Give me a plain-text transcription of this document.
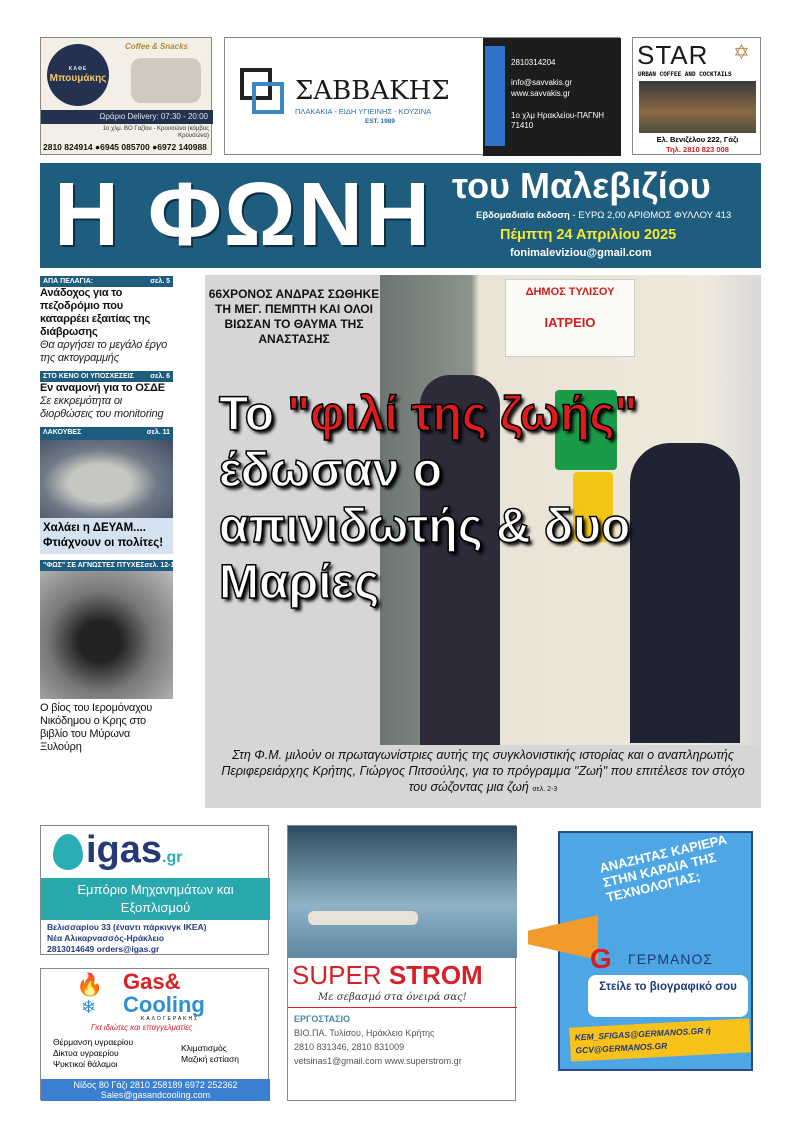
ΚΑΦΕ
Μπουμάκης
Coffee & Snacks
Ωράριο Delivery: 07:30 - 20:00
1ο χλμ. ΒΟ Γαζίου - Κρουσώνα (κόμβος Κρουσώνα)
2810 824914 ●6945 085700 ●6972 140988
ΣΑΒΒΑΚΗΣ
ΠΛΑΚΑΚΙΑ - ΕΙΔΗ ΥΓΙΕΙΝΗΣ - ΚΟΥΖΙΝΑ
EST. 1989
2810314204
info@savvakis.gr
www.savvakis.gr
1ο χλμ Ηρακλείου-ΠΑΓΝΗ 71410
STAR ✡
URBAN COFFEE AND COCKTAILS
Ελ. Βενιζέλου 222, Γάζι
Τηλ. 2810 823 008
Η ΦΩΝΗ του Μαλεβιζίου
Εβδομαδιαία έκδοση - ΕΥΡΩ 2,00 ΑΡΙΘΜΟΣ ΦΥΛΛΟΥ 413
Πέμπτη 24 Απριλίου 2025
fonimaleviziou@gmail.com
ΑΠΑ ΠΕΛΑΓΙΑ:	σελ. 5
Ανάδοχος για το πεζοδρόμιο που καταρρέει εξαιτίας της διάβρωσης
Θα αργήσει το μεγάλο έργο της ακτογραμμής
ΣΤΟ ΚΕΝΟ ΟΙ ΥΠΟΣΧΕΣΕΙΣ σελ. 6
Εν αναμονή για το ΟΣΔΕ
Σε εκκρεμότητα οι διορθώσεις του monitoring
ΛΑΚΟΥΒΕΣ	σελ. 11
Χαλάει η ΔΕΥΑΜ.... Φτιάχνουν οι πολίτες!
"ΦΩΣ" ΣΕ ΑΓΝΩΣΤΕΣ ΠΤΥΧΕΣ σελ. 12-13
Ο βίος του Ιερομόναχου Νικόδημου ο Κρης στο βιβλίο του Μύρωνα Ξυλούρη
ΔΗΜΟΣ ΤΥΛΙΣΟΥ
ΙΑΤΡΕΙΟ
66ΧΡΟΝΟΣ ΑΝΔΡΑΣ ΣΩΘΗΚΕ ΤΗ ΜΕΓ. ΠΕΜΠΤΗ ΚΑΙ ΟΛΟΙ ΒΙΩΣΑΝ ΤΟ ΘΑΥΜΑ ΤΗΣ ΑΝΑΣΤΑΣΗΣ
Το "φιλί της ζωής"
έδωσαν ο απινιδωτής & δυο Μαρίες
Στη Φ.Μ. μιλούν οι πρωταγωνίστριες αυτής της συγκλονιστικής ιστορίας και ο αναπληρωτής Περιφερειάρχης Κρήτης, Γιώργος Πιτσούλης, για το πρόγραμμα "Ζωή" που επιτέλεσε τον στόχο του σώζοντας μια ζωή σελ. 2-3
igas.gr
Εμπόριο Μηχανημάτων και Εξοπλισμού
Βελισσαρίου 33 (έναντι πάρκινγκ ΙΚΕΑ)
Νέα Αλικαρνασσός-Ηράκλειο
2813014649 orders@igas.gr
🔥
❄
Gas&
Cooling
ΚΑΛΟΓΕΡΑΚΗΣ
Για ιδιώτες και επαγγελματίες
Θέρμανση υγραερίου
Δίκτυα υγραερίου
Ψυκτικοί θάλαμοι
Κλιματισμός
Μαζική εστίαση
Νίδος 80 Γάζι 2810 258189 6972 252362
Sales@gasandcooling.com
SUPER STROM
Με σεβασμό στα όνειρά σας!
ΕΡΓΟΣΤΑΣΙΟ
ΒΙΟ.ΠΑ. Τυλίσου, Ηράκλειο Κρήτης
2810 831346, 2810 831009
vetsinas1@gmail.com www.superstrom.gr
ΑΝΑΖΗΤΑΣ ΚΑΡΙΕΡΑ ΣΤΗΝ ΚΑΡΔΙΑ ΤΗΣ ΤΕΧΝΟΛΟΓΙΑΣ;
G ΓΕΡΜΑΝΟΣ
Στείλε το βιογραφικό σου
KEM_SFIGAS@GERMANOS.GR ή GCV@GERMANOS.GR
